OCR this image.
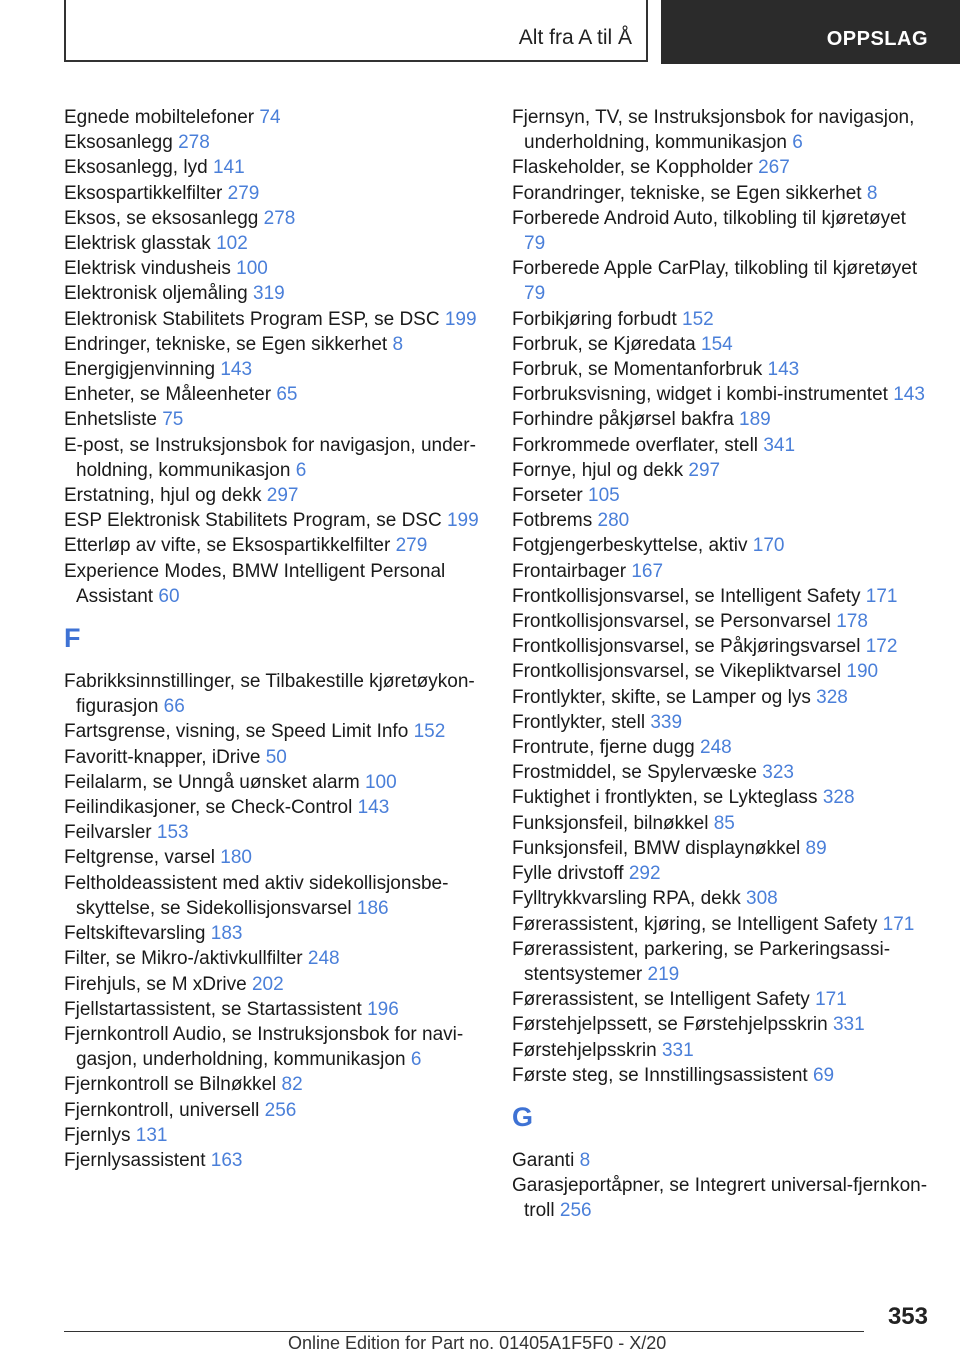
Alt fra A til Å	OPPSLAG

Egnede mobiltelefoner 74

Eksosanlegg 278

Eksosanlegg, lyd 141

Eksospartikkelfilter 279

Eksos, se eksosanlegg 278

Elektrisk glasstak 102

Elektrisk vindusheis 100

Elektronisk oljemåling 319

Elektronisk Stabilitets Program ESP, se DSC 199

Endringer, tekniske, se Egen sikkerhet 8

Energigjenvinning 143

Enheter, se Måleenheter 65

Enhetsliste 75

E-post, se Instruksjonsbok for navigasjon, underholdning, kommunikasjon 6

Erstatning, hjul og dekk 297

ESP Elektronisk Stabilitets Program, se DSC 199

Etterløp av vifte, se Eksospartikkelfilter 279

Experience Modes, BMW Intelligent Personal Assistant 60

F

Fabrikksinnstillinger, se Tilbakestille kjøretøykonfigurasjon 66

Fartsgrense, visning, se Speed Limit Info 152

Favoritt-knapper, iDrive 50

Feilalarm, se Unngå uønsket alarm 100

Feilindikasjoner, se Check-Control 143

Feilvarsler 153

Feltgrense, varsel 180

Feltholdeassistent med aktiv sidekollisjonsbeskyttelse, se Sidekollisjonsvarsel 186

Feltskiftevarsling 183

Filter, se Mikro-/aktivkullfilter 248

Firehjuls, se M xDrive 202

Fjellstartassistent, se Startassistent 196

Fjernkontroll Audio, se Instruksjonsbok for navigasjon, underholdning, kommunikasjon 6

Fjernkontroll se Bilnøkkel 82

Fjernkontroll, universell 256

Fjernlys 131

Fjernlysassistent 163

Fjernsyn, TV, se Instruksjonsbok for navigasjon, underholdning, kommunikasjon 6

Flaskeholder, se Koppholder 267

Forandringer, tekniske, se Egen sikkerhet 8

Forberede Android Auto, tilkobling til kjøretøyet 79

Forberede Apple CarPlay, tilkobling til kjøretøyet 79

Forbikjøring forbudt 152

Forbruk, se Kjøredata 154

Forbruk, se Momentanforbruk 143

Forbruksvisning, widget i kombi-instrumentet 143

Forhindre påkjørsel bakfra 189

Forkrommede overflater, stell 341

Fornye, hjul og dekk 297

Forseter 105

Fotbrems 280

Fotgjengerbeskyttelse, aktiv 170

Frontairbager 167

Frontkollisjonsvarsel, se Intelligent Safety 171

Frontkollisjonsvarsel, se Personvarsel 178

Frontkollisjonsvarsel, se Påkjøringsvarsel 172

Frontkollisjonsvarsel, se Vikepliktvarsel 190

Frontlykter, skifte, se Lamper og lys 328

Frontlykter, stell 339

Frontrute, fjerne dugg 248

Frostmiddel, se Spylervæske 323

Fuktighet i frontlykten, se Lykteglass 328

Funksjonsfeil, bilnøkkel 85

Funksjonsfeil, BMW displaynøkkel 89

Fylle drivstoff 292

Fylltrykkvarsling RPA, dekk 308

Førerassistent, kjøring, se Intelligent Safety 171

Førerassistent, parkering, se Parkeringsassistentsystemer 219

Førerassistent, se Intelligent Safety 171

Førstehjelpssett, se Førstehjelpsskrin 331

Førstehjelpsskrin 331

Første steg, se Innstillingsassistent 69

G

Garanti 8

Garasjeportåpner, se Integrert universal-fjernkontroll 256

353
Online Edition for Part no. 01405A1F5F0 - X/20
